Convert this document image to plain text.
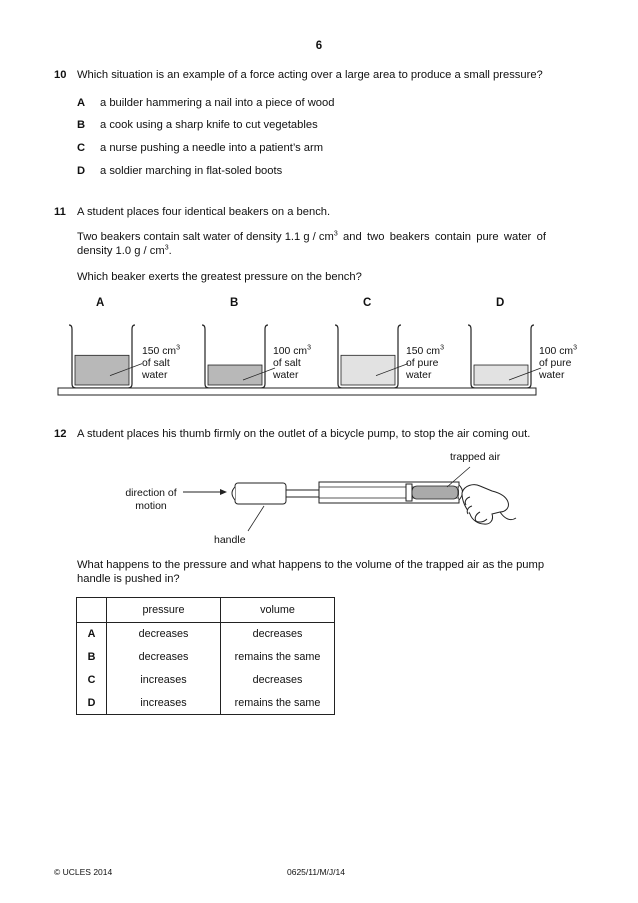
6
10 Which situation is an example of a force acting over a large area to produce a small pressure?
A a builder hammering a nail into a piece of wood
B a cook using a sharp knife to cut vegetables
C a nurse pushing a needle into a patient’s arm
D a soldier marching in flat-soled boots
11 A student places four identical beakers on a bench.
Two beakers contain salt water of density 1.1 g / $cm^3$ and two beakers contain pure water of
density 1.0 g / $cm^3$.
Which beaker exerts the greatest pressure on the bench?
A	B	C	D
150 $cm^3$
of salt
water
100 $cm^3$
of salt
water
150 $cm^3$
of pure
water
100 $cm^3$
of pure
water
12 A student places his thumb firmly on the outlet of a bicycle pump, to stop the air coming out.
trapped air
direction of
motion
handle
What happens to the pressure and what happens to the volume of the trapped air as the pump
handle is pushed in?
	pressure	volume
A	decreases	decreases
B	decreases	remains the same
C	increases	decreases
D	increases	remains the same
© UCLES 2014	0625/11/M/J/14
